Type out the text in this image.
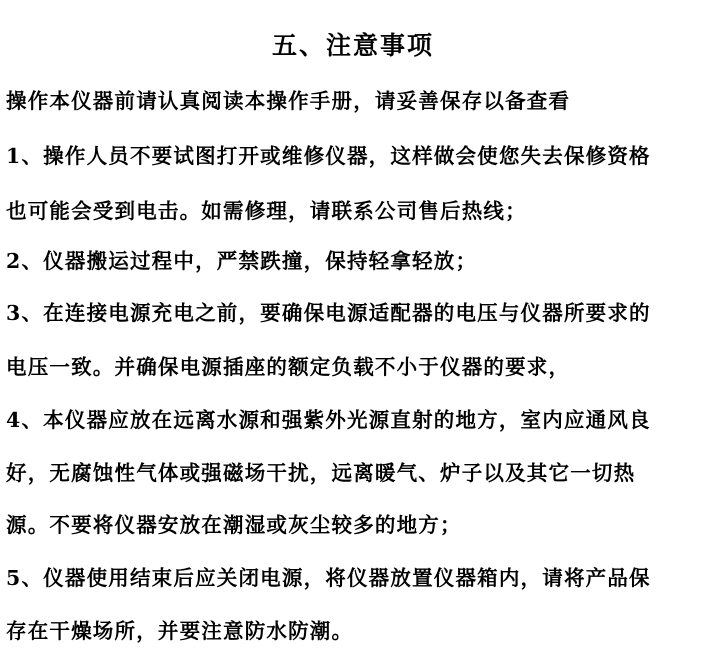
五、注意事项
操作本仪器前请认真阅读本操作手册，请妥善保存以备查看
1、操作人员不要试图打开或维修仪器，这样做会使您失去保修资格
也可能会受到电击。如需修理，请联系公司售后热线；
2、仪器搬运过程中，严禁跌撞，保持轻拿轻放；
3、在连接电源充电之前，要确保电源适配器的电压与仪器所要求的
电压一致。并确保电源插座的额定负载不小于仪器的要求，
4、本仪器应放在远离水源和强紫外光源直射的地方，室内应通风良
好，无腐蚀性气体或强磁场干扰，远离暖气、炉子以及其它一切热
源。不要将仪器安放在潮湿或灰尘较多的地方；
5、仪器使用结束后应关闭电源，将仪器放置仪器箱内，请将产品保
存在干燥场所，并要注意防水防潮。
